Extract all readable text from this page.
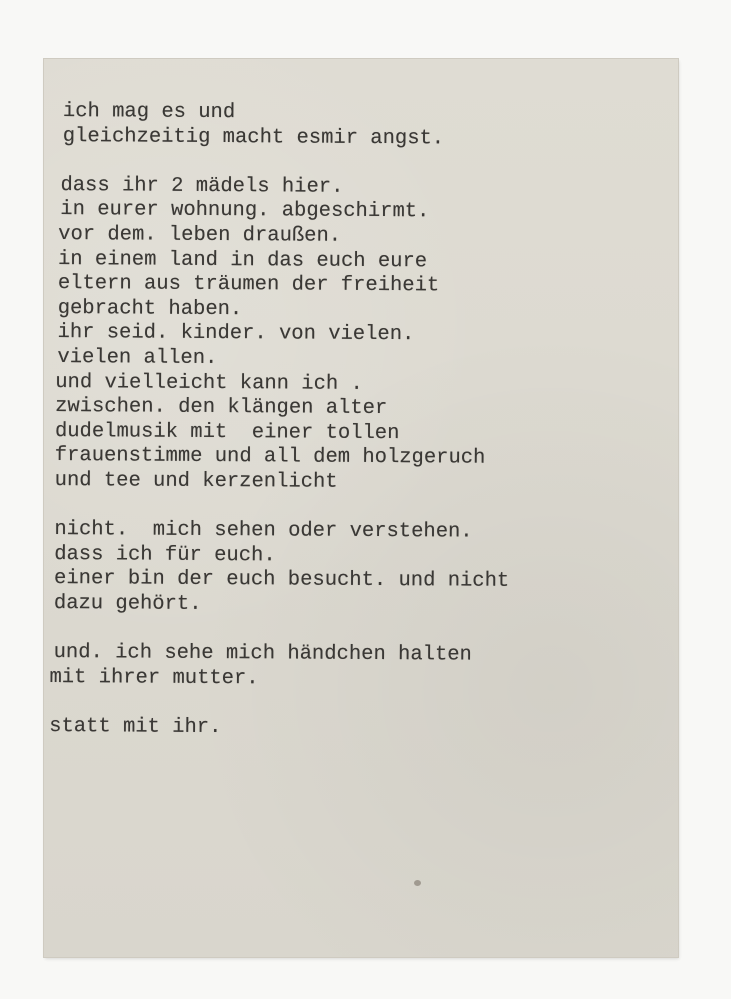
ich mag es und
gleichzeitig macht esmir angst.
dass ihr 2 mädels hier.
in eurer wohnung. abgeschirmt.
vor dem. leben draußen.
in einem land in das euch eure
eltern aus träumen der freiheit
gebracht haben.
ihr seid. kinder. von vielen.
vielen allen.
und vielleicht kann ich .
zwischen. den klängen alter
dudelmusik mit  einer tollen
frauenstimme und all dem holzgeruch
und tee und kerzenlicht
nicht.  mich sehen oder verstehen.
dass ich für euch.
einer bin der euch besucht. und nicht
dazu gehört.
und. ich sehe mich händchen halten
mit ihrer mutter.
statt mit ihr.
